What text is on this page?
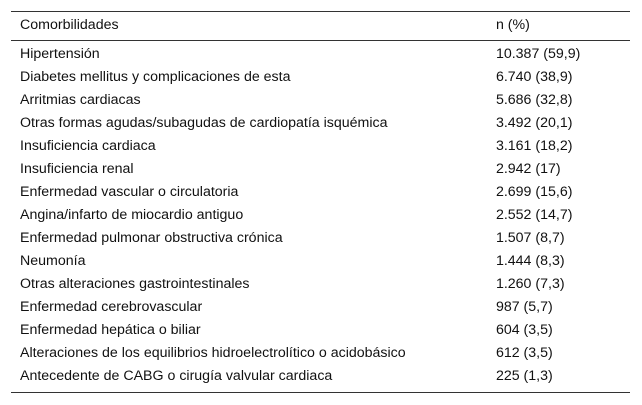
Comorbilidades	n (%)
Hipertensión	10.387 (59,9)
Diabetes mellitus y complicaciones de esta	6.740 (38,9)
Arritmias cardiacas	5.686 (32,8)
Otras formas agudas/subagudas de cardiopatía isquémica	3.492 (20,1)
Insuficiencia cardiaca	3.161 (18,2)
Insuficiencia renal	2.942 (17)
Enfermedad vascular o circulatoria	2.699 (15,6)
Angina/infarto de miocardio antiguo	2.552 (14,7)
Enfermedad pulmonar obstructiva crónica	1.507 (8,7)
Neumonía	1.444 (8,3)
Otras alteraciones gastrointestinales	1.260 (7,3)
Enfermedad cerebrovascular	987 (5,7)
Enfermedad hepática o biliar	604 (3,5)
Alteraciones de los equilibrios hidroelectrolítico o acidobásico	612 (3,5)
Antecedente de CABG o cirugía valvular cardiaca	225 (1,3)
